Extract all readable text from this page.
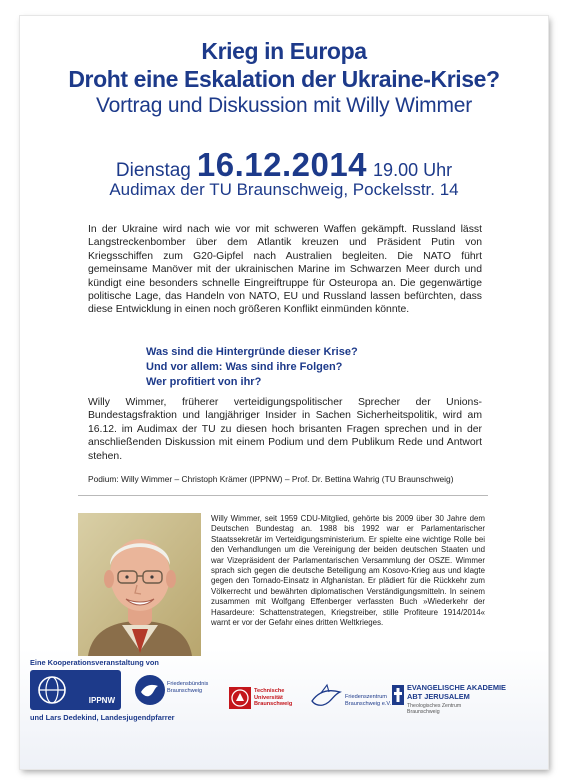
Krieg in Europa
Droht eine Eskalation der Ukraine-Krise?
Vortrag und Diskussion mit Willy Wimmer
Dienstag 16.12.2014 19.00 Uhr
Audimax der TU Braunschweig, Pockelsstr. 14
In der Ukraine wird nach wie vor mit schweren Waffen gekämpft. Russland lässt Langstreckenbomber über dem Atlantik kreuzen und Präsident Putin von Kriegsschiffen zum G20-Gipfel nach Australien begleiten. Die NATO führt gemeinsame Manöver mit der ukrainischen Marine im Schwarzen Meer durch und kündigt eine besonders schnelle Eingreiftruppe für Osteuropa an. Die gegenwärtige politische Lage, das Handeln von NATO, EU und Russland lassen befürchten, dass diese Entwicklung in einen noch größeren Konflikt einmünden könnte.
Was sind die Hintergründe dieser Krise?
Und vor allem: Was sind ihre Folgen?
Wer profitiert von ihr?
Willy Wimmer, früherer verteidigungspolitischer Sprecher der Unions-Bundestagsfraktion und langjähriger Insider in Sachen Sicherheitspolitik, wird am 16.12. im Audimax der TU zu diesen hoch brisanten Fragen sprechen und in der anschließenden Diskussion mit einem Podium und dem Publikum Rede und Antwort stehen.
Podium: Willy Wimmer – Christoph Krämer (IPPNW) – Prof. Dr. Bettina Wahrig (TU Braunschweig)
Willy Wimmer, seit 1959 CDU-Mitglied, gehörte bis 2009 über 30 Jahre dem Deutschen Bundestag an. 1988 bis 1992 war er Parlamentarischer Staatssekretär im Verteidigungsministerium. Er spielte eine wichtige Rolle bei den Verhandlungen um die Vereinigung der beiden deutschen Staaten und war Vizepräsident der Parlamentarischen Versammlung der OSZE. Wimmer sprach sich gegen die deutsche Beteiligung am Kosovo-Krieg aus und klagte gegen den Tornado-Einsatz in Afghanistan. Er plädiert für die Rückkehr zum Völkerrecht und bewährten diplomatischen Verständigungsmitteln. In seinem zusammen mit Wolfgang Effenberger verfassten Buch »Wiederkehr der Hasardeure: Schattenstrategen, Kriegstreiber, stille Profiteure 1914/2014« warnt er vor der Gefahr eines dritten Weltkrieges.
Eine Kooperationsveranstaltung von
IPPNW
Friedensbündnis
Braunschweig	Technische
Universität
Braunschweig
Friedenszentrum
Braunschweig e.V.
EVANGELISCHE AKADEMIE
ABT JERUSALEM
Theologisches Zentrum
Braunschweig
und Lars Dedekind, Landesjugendpfarrer
